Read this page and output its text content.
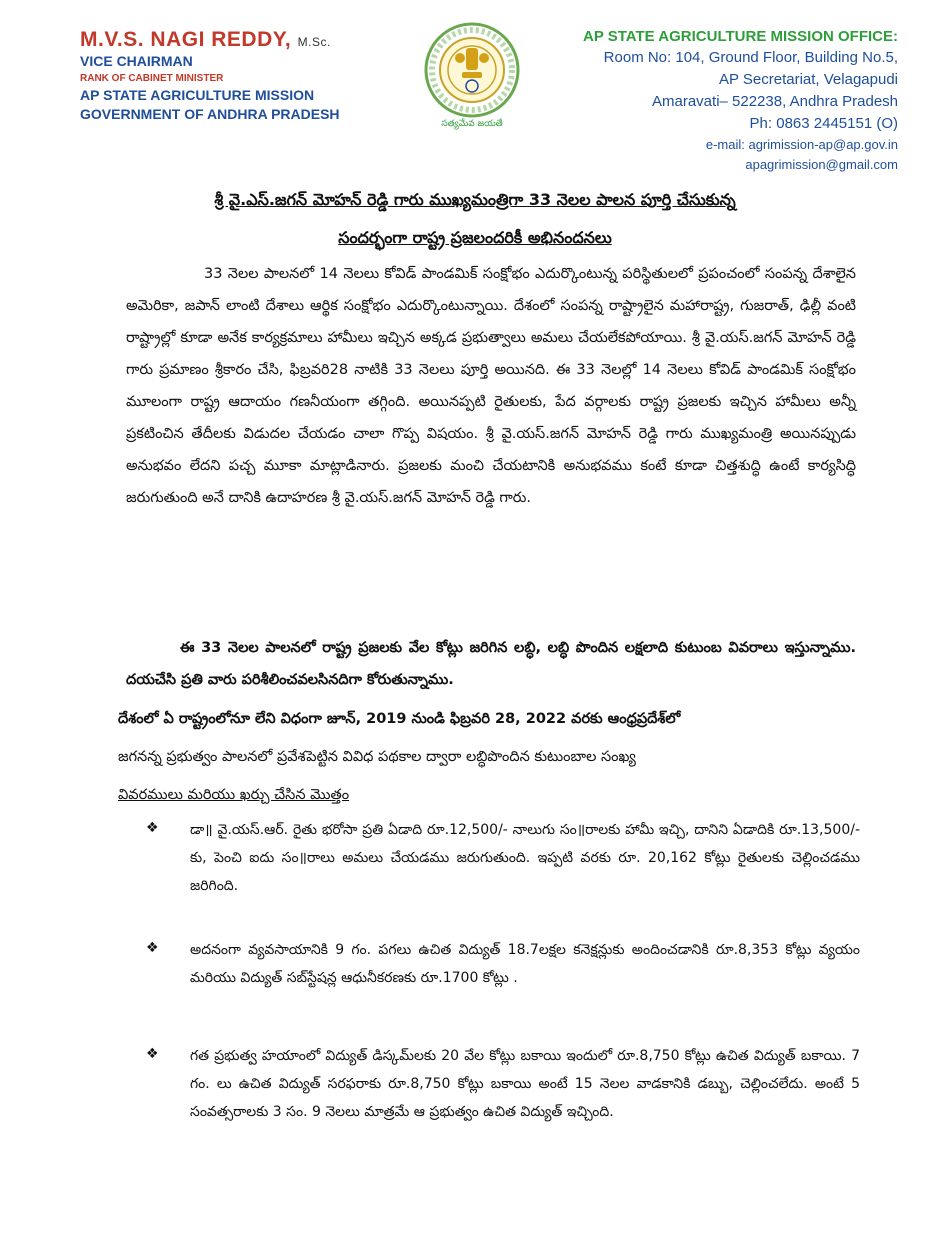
M.V.S. NAGI REDDY, M.Sc.
VICE CHAIRMAN
RANK OF CABINET MINISTER
AP STATE AGRICULTURE MISSION
GOVERNMENT OF ANDHRA PRADESH
సత్యమేవ జయతే
AP STATE AGRICULTURE MISSION OFFICE:
Room No: 104, Ground Floor, Building No.5,
AP Secretariat, Velagapudi
Amaravati– 522238, Andhra Pradesh
Ph: 0863 2445151 (O)
e-mail: agrimission-ap@ap.gov.in
apagrimission@gmail.com
శ్రీ వై.ఎస్.జగన్ మోహన్ రెడ్డి గారు ముఖ్యమంత్రిగా 33 నెలల పాలన పూర్తి చేసుకున్న
సందర్భంగా రాష్ట్ర ప్రజలందరికీ అభినందనలు
33 నెలల పాలనలో 14 నెలలు కోవిడ్ పాండమిక్ సంక్షోభం ఎదుర్కొంటున్న పరిస్థితులలో ప్రపంచంలో సంపన్న దేశాలైన అమెరికా, జపాన్ లాంటి దేశాలు ఆర్థిక సంక్షోభం ఎదుర్కొంటున్నాయి. దేశంలో సంపన్న రాష్ట్రాలైన మహారాష్ట్ర, గుజరాత్, ఢిల్లీ వంటి రాష్ట్రాల్లో కూడా అనేక కార్యక్రమాలు హామీలు ఇచ్చిన అక్కడ ప్రభుత్వాలు అమలు చేయలేకపోయాయి. శ్రీ వై.యస్.జగన్ మోహన్ రెడ్డి గారు ప్రమాణం శ్రీకారం చేసి, ఫిబ్రవరి28 నాటికి 33 నెలలు పూర్తి అయినది. ఈ 33 నెలల్లో 14 నెలలు కోవిడ్ పాండమిక్ సంక్షోభం మూలంగా రాష్ట్ర ఆదాయం గణనీయంగా తగ్గింది. అయినప్పటి రైతులకు, పేద వర్గాలకు రాష్ట్ర ప్రజలకు ఇచ్చిన హామీలు అన్నీ ప్రకటించిన తేదీలకు విడుదల చేయడం చాలా గొప్ప విషయం. శ్రీ వై.యస్.జగన్ మోహన్ రెడ్డి గారు ముఖ్యమంత్రి అయినప్పుడు అనుభవం లేదని పచ్చ మూకా మాట్లాడినారు. ప్రజలకు మంచి చేయటానికి అనుభవము కంటే కూడా చిత్తశుద్ధి ఉంటే కార్యసిద్ధి జరుగుతుంది అనే దానికి ఉదాహరణ శ్రీ వై.యస్.జగన్ మోహన్ రెడ్డి గారు.
ఈ 33 నెలల పాలనలో రాష్ట్ర ప్రజలకు వేల కోట్లు జరిగిన లబ్ధి, లబ్ధి పొందిన లక్షలాది కుటుంబ వివరాలు ఇస్తున్నాము. దయచేసి ప్రతి వారు పరిశీలించవలసినదిగా కోరుతున్నాము.
దేశంలో ఏ రాష్ట్రంలోనూ లేని విధంగా జూన్, 2019 నుండి ఫిబ్రవరి 28, 2022 వరకు ఆంధ్రప్రదేశ్‌లో
జగనన్న ప్రభుత్వం పాలనలో ప్రవేశపెట్టిన వివిధ పథకాల ద్వారా లబ్ధిపొందిన కుటుంబాల సంఖ్య
వివరములు మరియు ఖర్చు చేసిన మొత్తం
❖ డా॥ వై.యస్.ఆర్. రైతు భరోసా ప్రతి ఏడాది రూ.12,500/- నాలుగు సం॥రాలకు హామీ ఇచ్చి, దానిని ఏడాదికి రూ.13,500/- కు, పెంచి ఐదు సం॥రాలు అమలు చేయడము జరుగుతుంది. ఇప్పటి వరకు రూ. 20,162 కోట్లు రైతులకు చెల్లించడము జరిగింది.
❖ అదనంగా వ్యవసాయానికి 9 గం. పగలు ఉచిత విద్యుత్ 18.7లక్షల కనెక్షన్లుకు అందించడానికి రూ.8,353 కోట్లు వ్యయం మరియు విద్యుత్ సబ్‌స్టేషన్ల ఆధునీకరణకు రూ.1700 కోట్లు .
❖ గత ప్రభుత్వ హయాంలో విద్యుత్ డిస్కమ్‌లకు 20 వేల కోట్లు బకాయి ఇందులో రూ.8,750 కోట్లు ఉచిత విద్యుత్ బకాయి. 7 గం. లు ఉచిత విద్యుత్ సరఫరాకు రూ.8,750 కోట్లు బకాయి అంటే 15 నెలల వాడకానికి డబ్బు, చెల్లించలేదు. అంటే 5 సంవత్సరాలకు 3 సం. 9 నెలలు మాత్రమే ఆ ప్రభుత్వం ఉచిత విద్యుత్ ఇచ్చింది.
